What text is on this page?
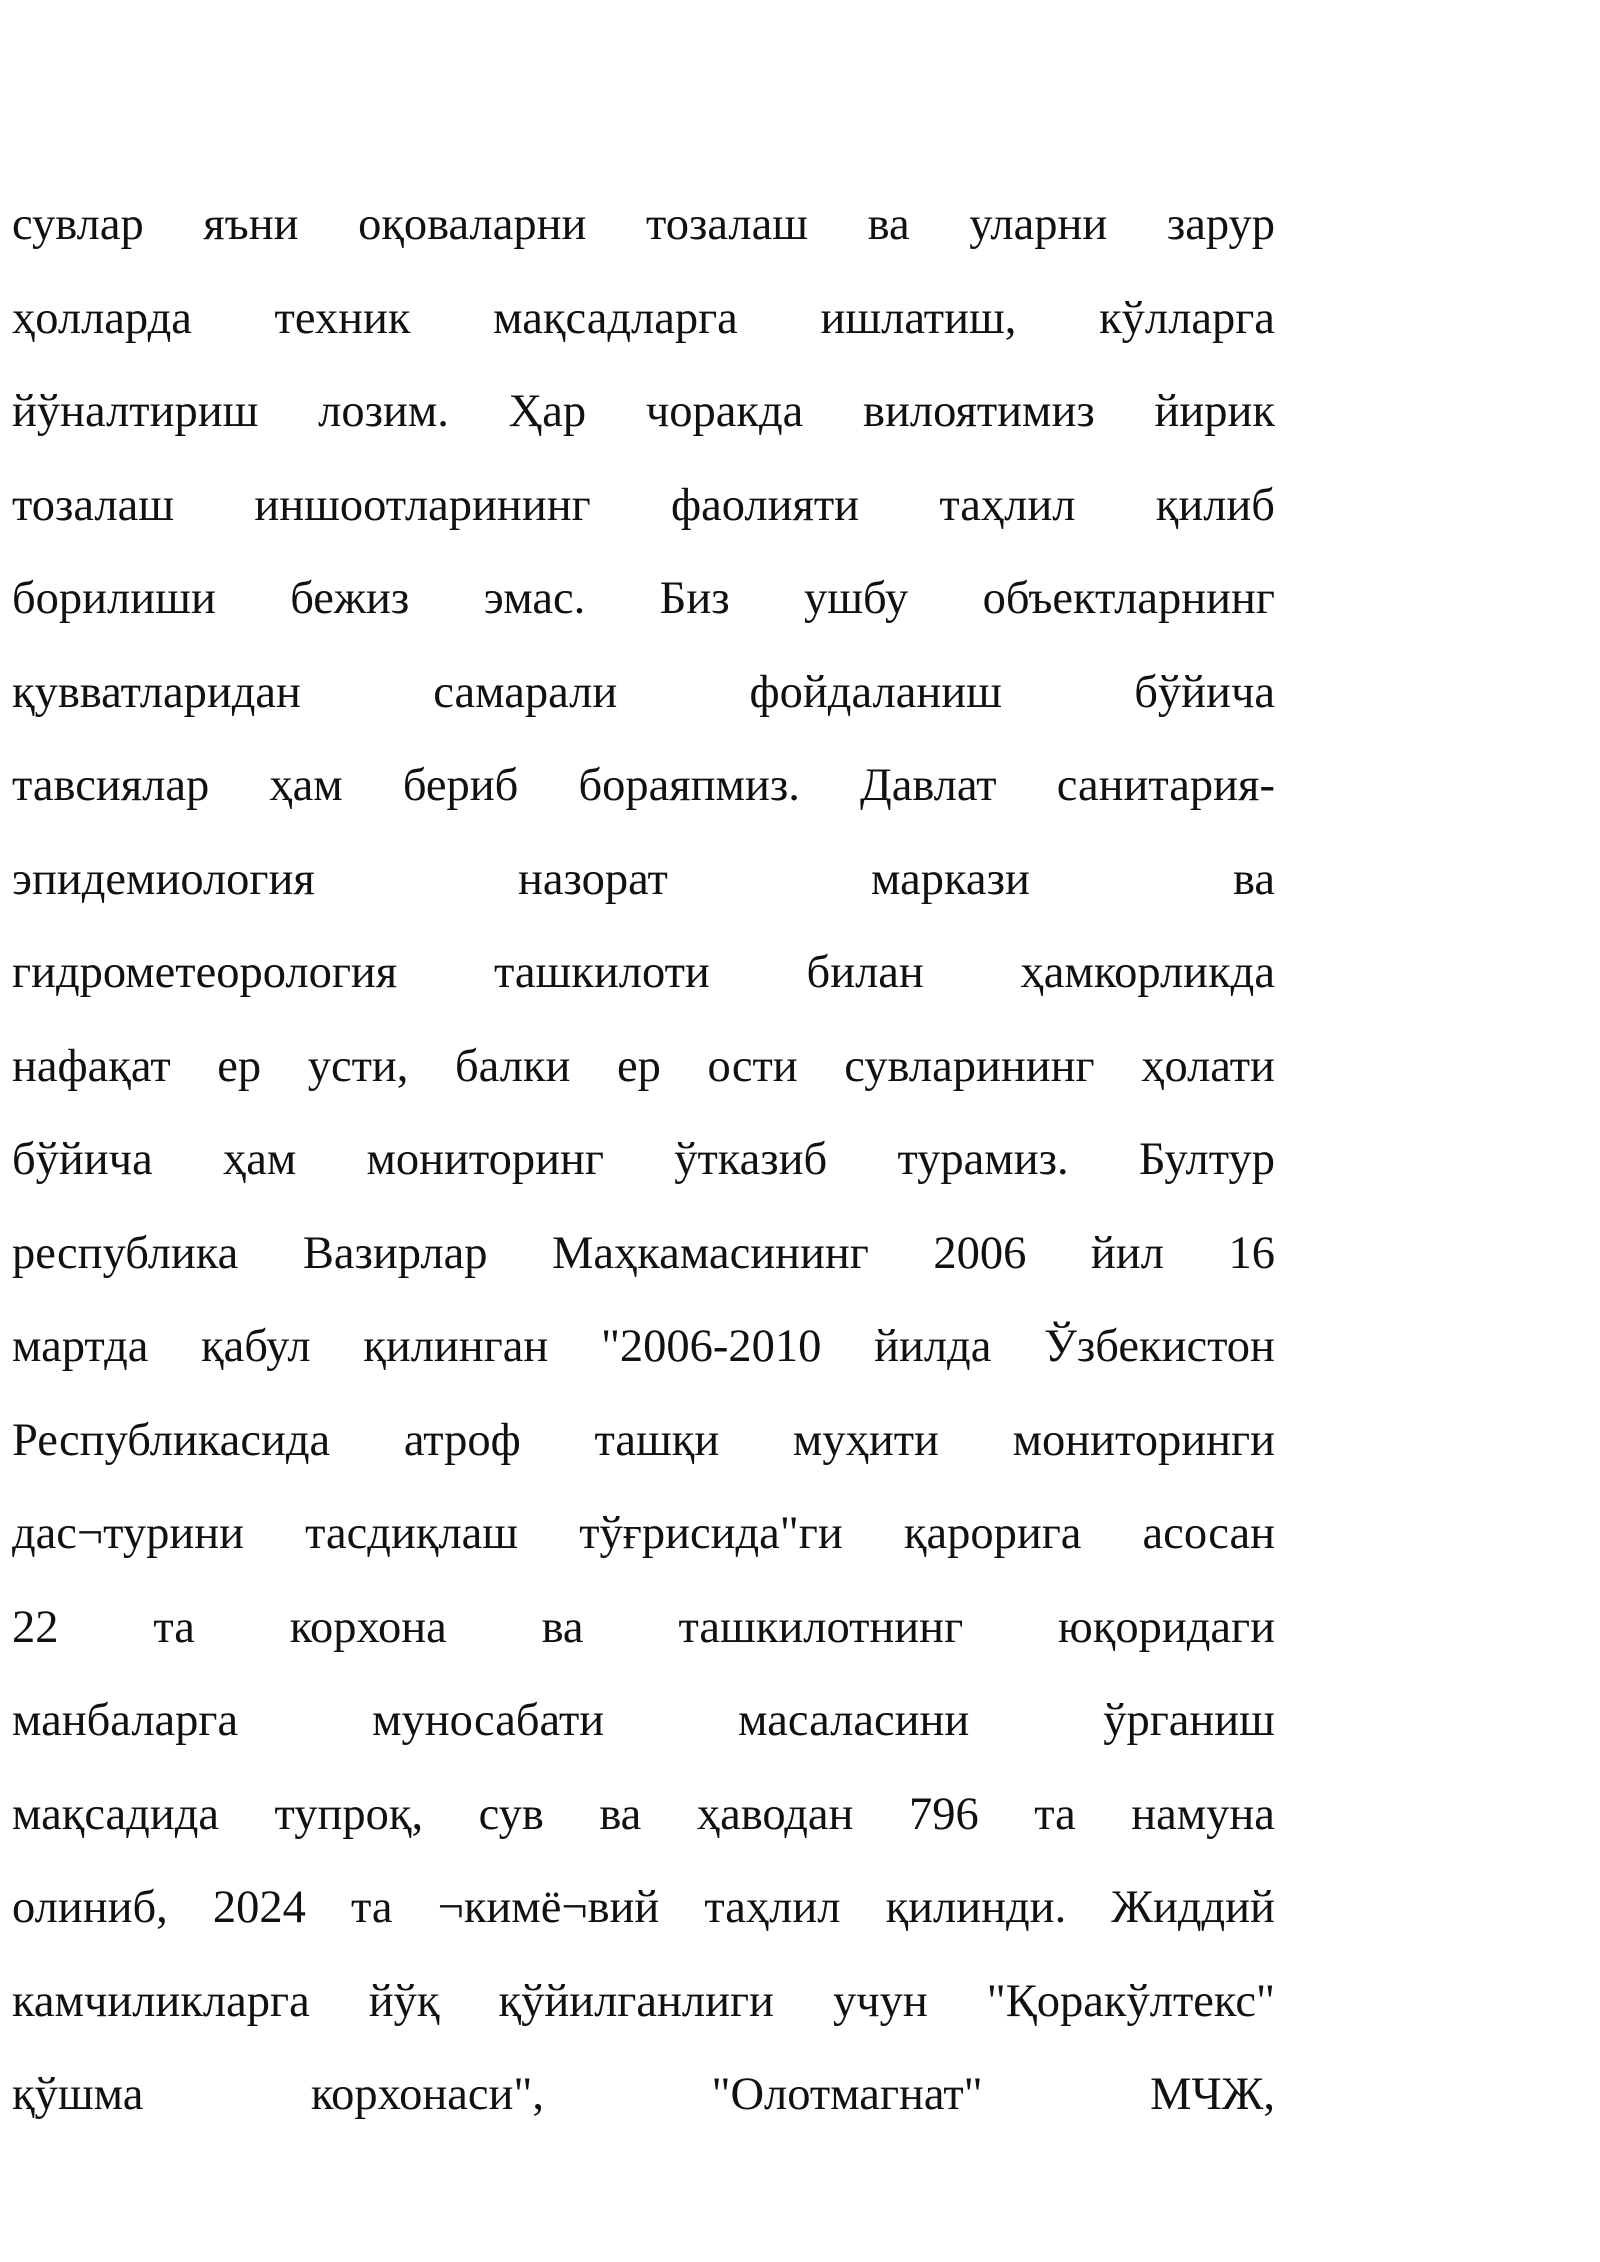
сувлар яъни оқоваларни тозалаш ва уларни зарур
ҳолларда техник мақсадларга ишлатиш, кўлларга
йўналтириш лозим. Ҳар чоракда вилоятимиз йирик
тозалаш иншоотларининг фаолияти таҳлил қилиб
борилиши бежиз эмас. Биз ушбу объектларнинг
қувватларидан	самарали	фойдаланиш	бўйича
тавсиялар ҳам бериб бораяпмиз. Давлат санитария-
эпидемиология	назорат	маркази	ва
гидрометеорология ташкилоти билан ҳамкорликда
нафақат ер усти, балки ер ости сувларининг ҳолати
бўйича ҳам мониторинг ўтказиб турамиз. Бултур
республика Вазирлар Маҳкамасининг 2006 йил 16
мартда қабул қилинган "2006-2010 йилда Ўзбекистон
Республикасида атроф ташқи муҳити мониторинги
дас¬турини тасдиқлаш тўғрисида"ги қарорига асосан
22 та корхона ва ташкилотнинг юқоридаги
манбаларга	муносабати	масаласини	ўрганиш
мақсадида тупроқ, сув ва ҳаводан 796 та намуна
олиниб, 2024 та ¬кимё¬вий таҳлил қилинди. Жиддий
камчиликларга йўқ қўйилганлиги учун "Қоракўлтекс"
қўшма	корхонаси",	"Олотмагнат"	МЧЖ,
